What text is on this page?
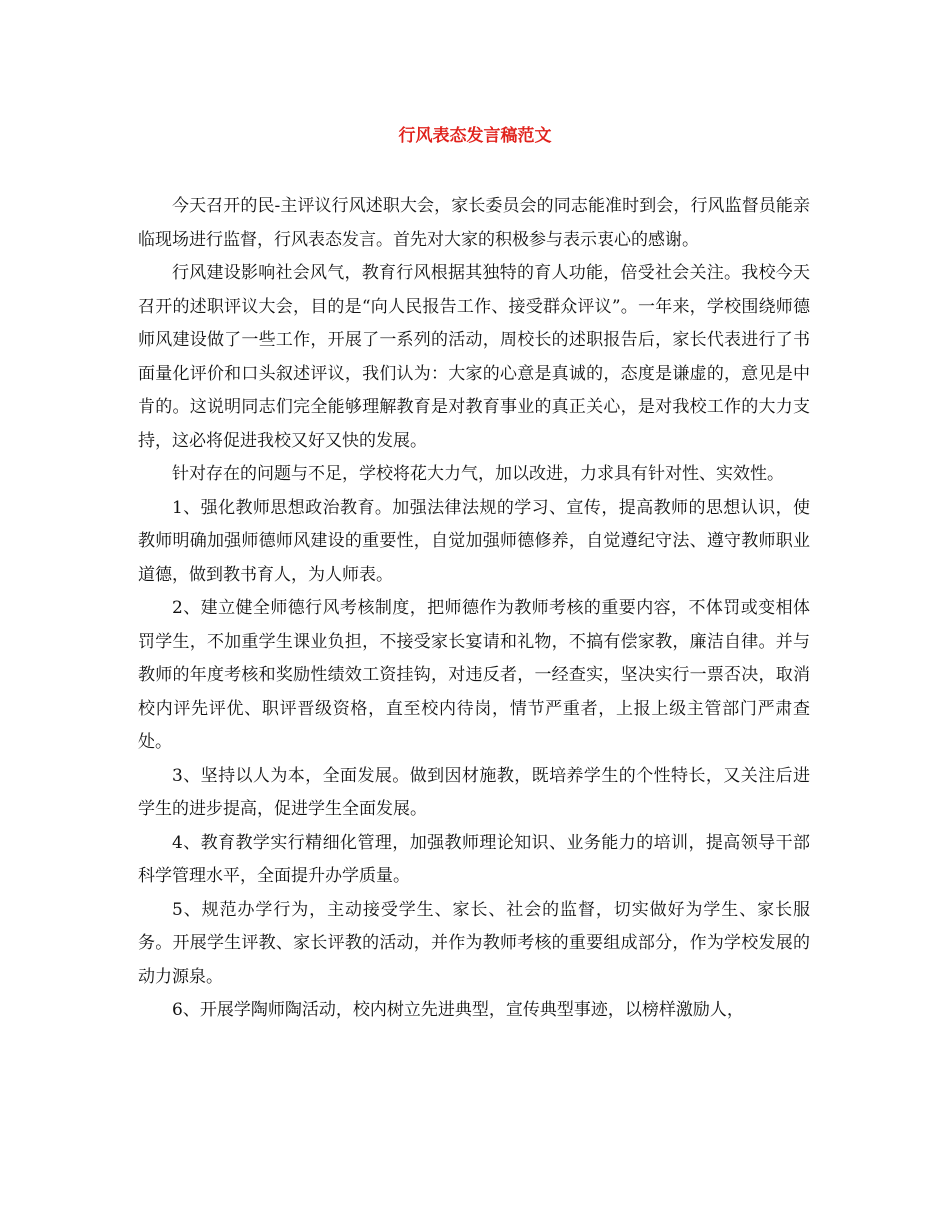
行风表态发言稿范文

今天召开的民-主评议行风述职大会，家长委员会的同志能准时到会，行风监督员能亲临现场进行监督，行风表态发言。首先对大家的积极参与表示衷心的感谢。

行风建设影响社会风气，教育行风根据其独特的育人功能，倍受社会关注。我校今天召开的述职评议大会，目的是“向人民报告工作、接受群众评议”。一年来，学校围绕师德师风建设做了一些工作，开展了一系列的活动，周校长的述职报告后，家长代表进行了书面量化评价和口头叙述评议，我们认为：大家的心意是真诚的，态度是谦虚的，意见是中肯的。这说明同志们完全能够理解教育是对教育事业的真正关心，是对我校工作的大力支持，这必将促进我校又好又快的发展。

针对存在的问题与不足，学校将花大力气，加以改进，力求具有针对性、实效性。

1、强化教师思想政治教育。加强法律法规的学习、宣传，提高教师的思想认识，使教师明确加强师德师风建设的重要性，自觉加强师德修养，自觉遵纪守法、遵守教师职业道德，做到教书育人，为人师表。

2、建立健全师德行风考核制度，把师德作为教师考核的重要内容，不体罚或变相体罚学生，不加重学生课业负担，不接受家长宴请和礼物，不搞有偿家教，廉洁自律。并与教师的年度考核和奖励性绩效工资挂钩，对违反者，一经查实，坚决实行一票否决，取消校内评先评优、职评晋级资格，直至校内待岗，情节严重者，上报上级主管部门严肃查处。

3、坚持以人为本，全面发展。做到因材施教，既培养学生的个性特长，又关注后进学生的进步提高，促进学生全面发展。

4、教育教学实行精细化管理，加强教师理论知识、业务能力的培训，提高领导干部科学管理水平，全面提升办学质量。

5、规范办学行为，主动接受学生、家长、社会的监督，切实做好为学生、家长服务。开展学生评教、家长评教的活动，并作为教师考核的重要组成部分，作为学校发展的动力源泉。

6、开展学陶师陶活动，校内树立先进典型，宣传典型事迹，以榜样激励人，
